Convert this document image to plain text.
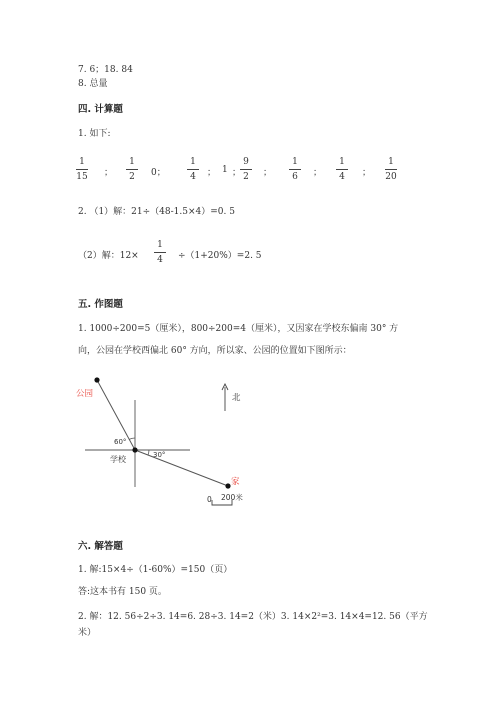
7. 6；18. 84
8. 总量
四. 计算题
1. 如下:
1
15	；
1
2	0；
1
4	； 1 ；
9
2	；
1
6	；
1
4	；
1
20
2. （1）解：21÷（48-1.5×4）=0. 5
（2）解：12×
1
4	÷（1+20%）=2. 5
五. 作图题
1. 1000÷200=5（厘米），800÷200=4（厘米），又因家在学校东偏南 30° 方
向，公园在学校西偏北 60° 方向，所以家、公园的位置如下图所示：
公园
60°
30°
学校
家
北
0 200米
六. 解答题
1. 解:15×4÷（1-60%）=150（页）
答:这本书有 150 页。
2. 解：12. 56÷2÷3. 14=6. 28÷3. 14=2（米）3. 14×2²=3. 14×4=12. 56（平方
米）
